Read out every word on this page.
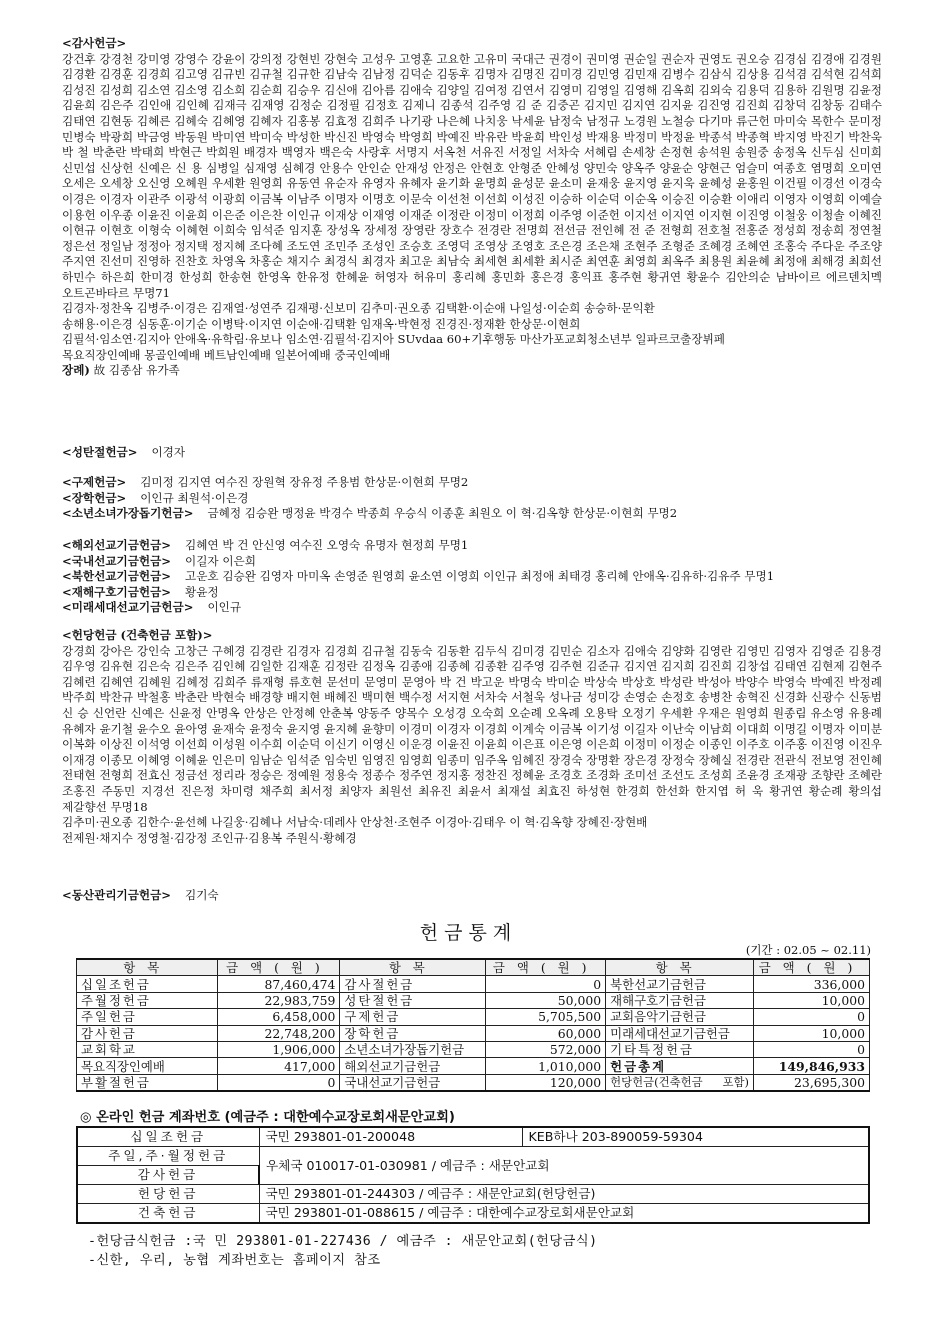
<감사헌금>
강건후 강경천 강미영 강영수 강윤이 강의정 강현빈 강현숙 고성우 고영훈 고요한 고유미 국대근 권경이 권미영 권순일 권순자 권영도 권오승 김경심 김경애 김경원 김경환 김경훈 김경희 김고영 김규빈 김규철 김규한 김남숙 김남정 김덕순 김동후 김명자 김명진 김미경 김민영 김민재 김병수 김삼식 김상용 김석겸 김석현 김석희 김성진 김성희 김소연 김소영 김소희 김순희 김승우 김신애 김아름 김애숙 김양일 김여정 김연서 김영미 김영일 김영해 김옥희 김외숙 김용덕 김용하 김원명 김윤정 김윤희 김은주 김인애 김인혜 김재극 김재영 김정순 김정필 김정호 김제니 김종석 김주영 김 준 김중곤 김지민 김지연 김지윤 김진영 김진희 김창덕 김창동 김태수 김태연 김현동 김혜른 김혜숙 김혜영 김혜자 김홍봉 김효정 김희주 나기광 나은혜 나치웅 낙세윤 남정숙 남정규 노경원 노철승 다기마 류근헌 마미숙 목한수 문미정 민병숙 박광희 박금영 박동원 박미연 박미숙 박성한 박신진 박영숙 박영희 박예진 박유란 박윤희 박인성 박재용 박정미 박정윤 박종석 박종혁 박지영 박진기 박찬욱 박 철 박춘란 박태희 박현근 박희원 배경자 백영자 백은숙 사랑후 서명지 서옥천 서유진 서정일 서차숙 서혜림 손세창 손정현 송석원 송원중 송정옥 신두심 신미희 신민섭 신상헌 신예은 신 용 심병일 심재영 심혜경 안용수 안인순 안재성 안정은 안현호 안형준 안혜성 양민숙 양옥주 양윤순 양현근 엄슬미 여종호 염명희 오미연 오세은 오세창 오신영 오혜원 우세환 원영희 유동연 유순자 유영자 유혜자 윤기화 윤명희 윤성문 윤소미 윤재웅 윤지영 윤지욱 윤혜성 윤홍원 이건필 이경선 이경숙 이경은 이경자 이관주 이광석 이광희 이금복 이남주 이명자 이명호 이문숙 이선천 이선희 이성진 이승하 이순덕 이순옥 이승진 이승환 이애리 이영자 이영희 이예슬 이용헌 이우종 이윤진 이윤희 이은준 이은찬 이인규 이재상 이재영 이재준 이정란 이정미 이정희 이주영 이준헌 이지선 이지연 이지현 이진영 이철웅 이청솔 이혜진 이현규 이현호 이형숙 이혜현 이희숙 임석준 임지훈 장성옥 장세정 장영란 장호수 전경란 전명희 전선금 전인혜 전 준 전형희 전호철 전홍준 정성희 정송희 정연철 정은선 정일남 정정아 정지택 정지혜 조다혜 조도연 조민주 조성인 조승호 조영덕 조영상 조영호 조은경 조은채 조현주 조형준 조혜경 조혜연 조홍숙 주다운 주조양 주지연 진선미 진영하 진찬호 차영옥 차홍순 채지수 최경식 최경자 최고운 최남숙 최세현 최세환 최시준 최연훈 최영희 최옥주 최용원 최윤혜 최정애 최해경 최희선 하민수 하은희 한미경 한성희 한송현 한영옥 한유정 한혜윤 허영자 허유미 홍리혜 홍민화 홍은경 홍익표 홍주현 황귀연 황윤수 김안의순 남바이르 에르덴치멕 오트곤바타르 무명71
김경자·정찬옥 김병주·이경은 김재열·성연주 김재평·신보미 김추미·권오종 김택환·이순애 나일성·이순희 송승하·문익환
송해용·이은경 심동훈·이기순 이병탁·이지연 이순애·김택환 임재옥·박현정 진경진·정재환 한상문·이현희
김필석·임소연·김지아 안애옥·유학림·유보나 임소연·김필석·김지아 SUvdaa 60+기후행동 마산가포교회청소년부 일파르코출장뷔페
목요직장인예배 몽골인예배 베트남인예배 일본어예배 중국인예배
장례) 故 김종삼 유가족
<성탄절헌금> 이경자
<구제헌금> 김미정 김지연 여수진 장원혁 장유정 주용범 한상문·이현희 무명2
<장학헌금> 이인규 최원석·이은경
<소년소녀가장돕기헌금> 금혜정 김승완 맹정윤 박경수 박종희 우승식 이종훈 최원오 이 혁·김옥향 한상문·이현희 무명2
<해외선교기금헌금> 김혜연 박 건 안신영 여수진 오영숙 유명자 현정희 무명1
<국내선교기금헌금> 이길자 이은희
<북한선교기금헌금> 고운호 김승완 김영자 마미옥 손영준 원영희 윤소연 이영희 이인규 최정애 최태경 홍리혜 안애옥·김유하·김유주 무명1
<재해구호기금헌금> 황윤정
<미래세대선교기금헌금> 이인규
<헌당헌금 (건축헌금 포함)>
강경희 강아은 강인숙 고창근 구혜경 김경란 김경자 김경희 김규철 김동숙 김동환 김두식 김미경 김민순 김소자 김애숙 김양화 김영란 김영민 김영자 김영준 김용경 김우영 김유현 김은숙 김은주 김인혜 김일한 김재훈 김정란 김정옥 김종애 김종혜 김종환 김주영 김주현 김준규 김지연 김지희 김진희 김창섭 김태연 김현제 김현주 김혜련 김혜연 김혜원 김혜정 김희주 류재형 류호현 문선미 문영미 문영아 박 건 박고운 박명숙 박미순 박상숙 박상호 박성란 박성아 박양수 박영숙 박예진 박정례 박주희 박찬규 박철홍 박춘란 박현숙 배경향 배지현 배혜진 백미현 백수정 서지현 서차숙 서철욱 성나금 성미강 손영순 손정호 송병찬 송혁진 신경화 신광수 신동범 신 승 신언란 신예은 신윤정 안명옥 안상은 안정혜 안춘복 양동주 양목수 오성경 오숙희 오순례 오옥례 오용탁 오정기 우세환 우재은 원영희 원종림 유소영 유용례 유혜자 윤기철 윤수오 윤아영 윤재숙 윤정숙 윤지영 윤지혜 윤향미 이경미 이경자 이경희 이계숙 이금복 이기성 이길자 이난숙 이남희 이대희 이명길 이명자 이미분 이복화 이상진 이석영 이선희 이성원 이수희 이순덕 이신기 이영신 이운경 이윤진 이윤희 이은표 이은영 이은희 이정미 이정순 이종인 이주호 이주홍 이진영 이진우 이재경 이종모 이혜영 이혜윤 인은미 임남순 임석준 임숙빈 임영진 임영희 임종미 임주옥 임혜진 장경숙 장명환 장은경 장정숙 장혜실 전경란 전관식 전보영 전인혜 전태현 전형희 전효신 정금선 정리라 정승은 정예원 정용숙 정종수 정주연 정지홍 정찬진 정혜윤 조경호 조경화 조미선 조선도 조성희 조윤경 조재광 조향란 조혜란 조홍진 주동민 지경선 진은정 차미령 채주희 최서정 최양자 최원선 최유진 최윤서 최재설 최효진 하성현 한경희 한선화 한지엽 허 욱 황귀연 황순례 황의섭 제갈향선 무명18
김추미·권오종 김한수·윤선혜 나길웅·김혜나 서남숙·데레사 안상천·조현주 이경아·김태우 이 혁·김옥향 장혜진·장현배
전제원·채지수 정영철·김강정 조인규·김용복 주원식·황혜경
<동산관리기금헌금> 김기숙
헌금통계
(기간 : 02.05 ~ 02.11)
항목	금액(원)	항목	금액(원)	항목	금액(원)
십일조헌금	87,460,474	감사절헌금	0	북한선교기금헌금	336,000
주월정헌금	22,983,759	성탄절헌금	50,000	재해구호기금헌금	10,000
주일헌금	6,458,000	구제헌금	5,705,500	교회음악기금헌금	0
감사헌금	22,748,200	장학헌금	60,000	미래세대선교기금헌금	10,000
교회학교	1,906,000	소년소녀가장돕기헌금	572,000	기타특정헌금	0
목요직장인예배	417,000	해외선교기금헌금	1,010,000	헌금총계	149,846,933
부활절헌금	0	국내선교기금헌금	120,000	헌당헌금(건축헌금 포함)	23,695,300
◎ 온라인 헌금 계좌번호 (예금주 : 대한예수교장로회새문안교회)
십일조헌금	국민 293801-01-200048	KEB하나 203-890059-59304
주일,주·월정헌금	우체국 010017-01-030981 / 예금주 : 새문안교회	
감사헌금		
헌당헌금	국민 293801-01-244303 / 예금주 : 새문안교회(헌당헌금)	
건축헌금	국민 293801-01-088615 / 예금주 : 대한예수교장로회새문안교회	
-헌당금식헌금 :국 민 293801-01-227436 / 예금주 : 새문안교회(헌당금식)
-신한, 우리, 농협 계좌번호는 홈페이지 참조
